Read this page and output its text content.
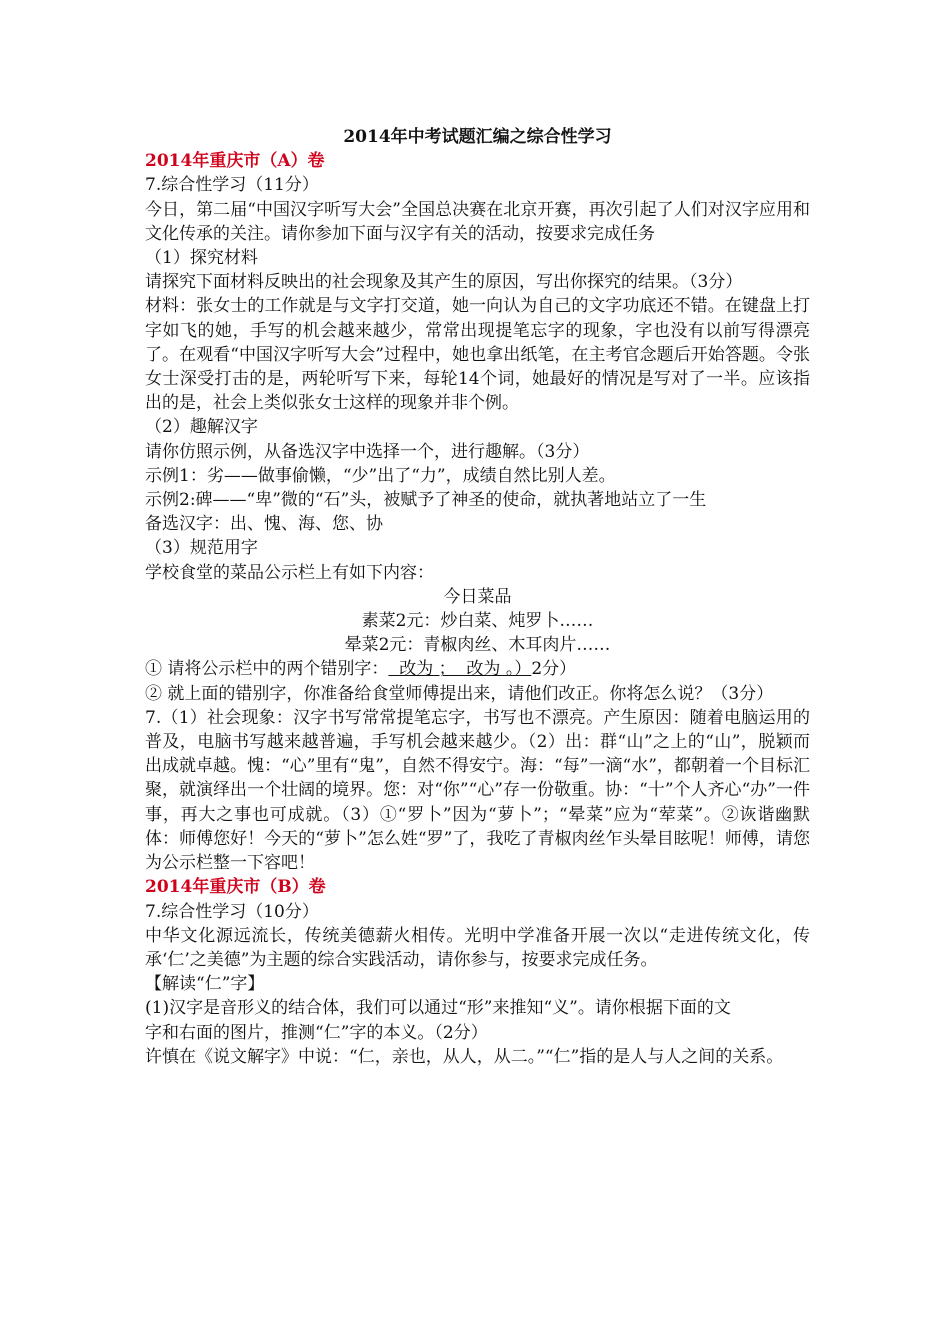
2014年中考试题汇编之综合性学习

2014年重庆市（A）卷

7.综合性学习（11分）

今日，第二届“中国汉字听写大会”全国总决赛在北京开赛，再次引起了人们对汉字应用和文化传承的关注。请你参加下面与汉字有关的活动，按要求完成任务

（1）探究材料

请探究下面材料反映出的社会现象及其产生的原因，写出你探究的结果。（3分）

材料：张女士的工作就是与文字打交道，她一向认为自己的文字功底还不错。在键盘上打字如飞的她，手写的机会越来越少，常常出现提笔忘字的现象，字也没有以前写得漂亮了。在观看“中国汉字听写大会”过程中，她也拿出纸笔，在主考官念题后开始答题。令张女士深受打击的是，两轮听写下来，每轮14个词，她最好的情况是写对了一半。应该指出的是，社会上类似张女士这样的现象并非个例。

（2）趣解汉字

请你仿照示例，从备选汉字中选择一个，进行趣解。（3分）

示例1：劣——做事偷懒，“少”出了“力”，成绩自然比别人差。

示例2:碑——“卑”微的“石”头，被赋予了神圣的使命，就执著地站立了一生

备选汉字：出、愧、海、您、协

（3）规范用字

学校食堂的菜品公示栏上有如下内容：

今日菜品

素菜2元：炒白菜、炖罗卜……

晕菜2元：青椒肉丝、木耳肉片……

① 请将公示栏中的两个错别字：  改为 ；  改为 。）2分）

② 就上面的错别字，你准备给食堂师傅提出来，请他们改正。你将怎么说？（3分）

7.（1）社会现象：汉字书写常常提笔忘字，书写也不漂亮。产生原因：随着电脑运用的普及，电脑书写越来越普遍，手写机会越来越少。（2）出：群“山”之上的“山”，脱颖而出成就卓越。愧：“心”里有“鬼”，自然不得安宁。海：“每”一滴“水”，都朝着一个目标汇聚，就演绎出一个壮阔的境界。您：对“你”“心”存一份敬重。协：“十”个人齐心“办”一件事，再大之事也可成就。（3）①“罗卜”因为“萝卜”；“晕菜”应为“荤菜”。②诙谐幽默体：师傅您好！今天的“萝卜”怎么姓“罗”了，我吃了青椒肉丝乍头晕目眩呢！师傅，请您为公示栏整一下容吧！

2014年重庆市（B）卷

7.综合性学习（10分）

中华文化源远流长，传统美德薪火相传。光明中学准备开展一次以“走进传统文化，传承‘仁’之美德”为主题的综合实践活动，请你参与，按要求完成任务。

【解读“仁”字】

(1)汉字是音形义的结合体，我们可以通过“形”来推知“义”。请你根据下面的文

字和右面的图片，推测“仁”字的本义。（2分）

许慎在《说文解字》中说：“仁，亲也，从人，从二。”“仁”指的是人与人之间的关系。
